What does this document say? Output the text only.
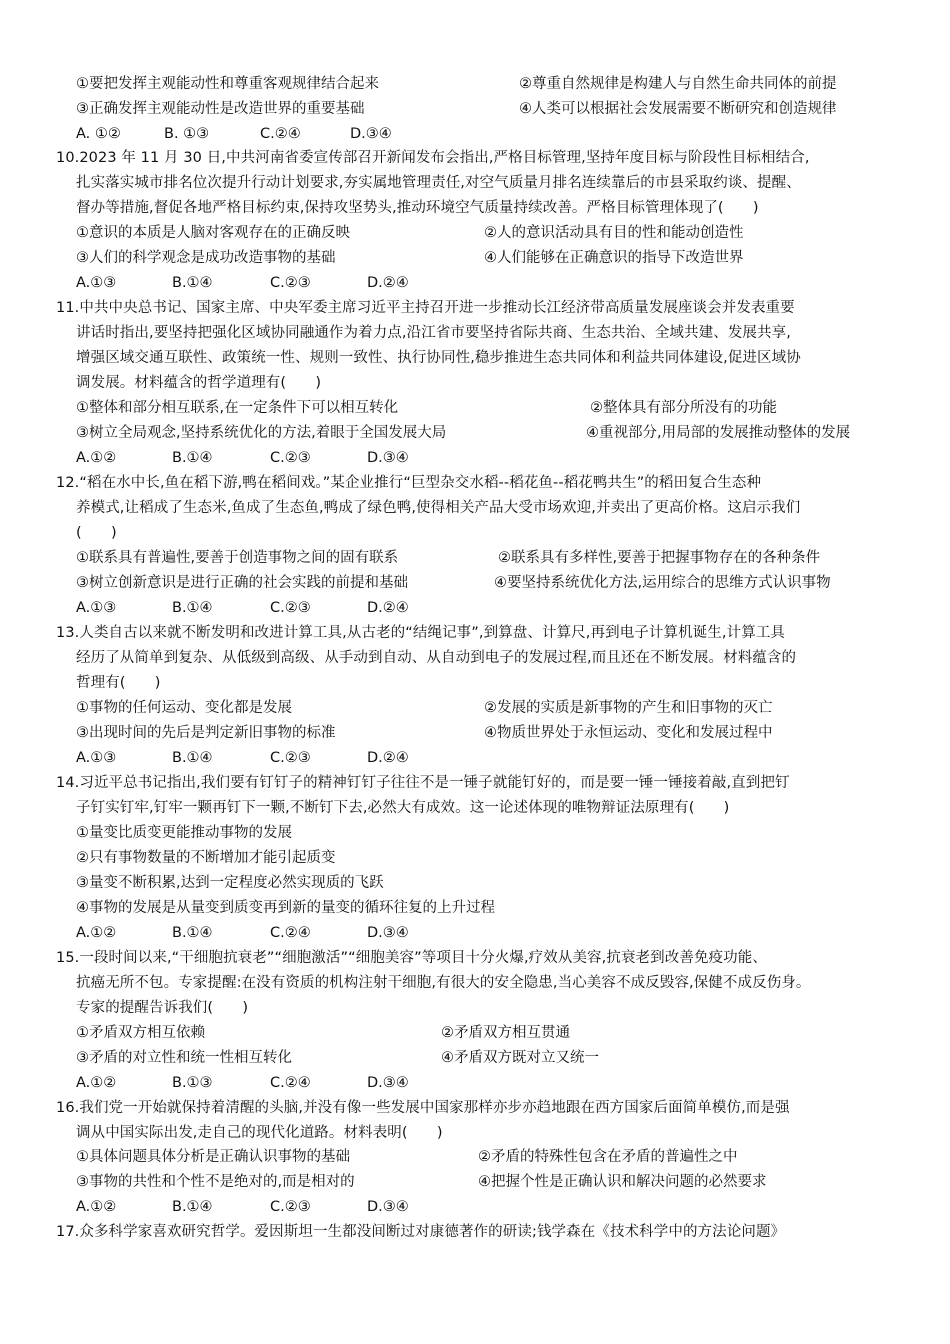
①要把发挥主观能动性和尊重客观规律结合起来	②尊重自然规律是构建人与自然生命共同体的前提
③正确发挥主观能动性是改造世界的重要基础	④人类可以根据社会发展需要不断研究和创造规律
A. ①②	B. ①③	C.②④	D.③④
10.2023 年 11 月 30 日,中共河南省委宣传部召开新闻发布会指出,严格目标管理,坚持年度目标与阶段性目标相结合,
扎实落实城市排名位次提升行动计划要求,夯实属地管理责任,对空气质量月排名连续靠后的市县采取约谈、提醒、
督办等措施,督促各地严格目标约束,保持攻坚势头,推动环境空气质量持续改善。严格目标管理体现了(　　)
①意识的本质是人脑对客观存在的正确反映	②人的意识活动具有目的性和能动创造性
③人们的科学观念是成功改造事物的基础	④人们能够在正确意识的指导下改造世界
A.①③	B.①④	C.②③	D.②④
11.中共中央总书记、国家主席、中央军委主席习近平主持召开进一步推动长江经济带高质量发展座谈会并发表重要
讲话时指出,要坚持把强化区域协同融通作为着力点,沿江省市要坚持省际共商、生态共治、全域共建、发展共享,
增强区域交通互联性、政策统一性、规则一致性、执行协同性,稳步推进生态共同体和利益共同体建设,促进区域协
调发展。材料蕴含的哲学道理有(　　)
①整体和部分相互联系,在一定条件下可以相互转化	②整体具有部分所没有的功能
③树立全局观念,坚持系统优化的方法,着眼于全国发展大局	④重视部分,用局部的发展推动整体的发展
A.①②	B.①④	C.②③	D.③④
12.“稻在水中长,鱼在稻下游,鸭在稻间戏。”某企业推行“巨型杂交水稻--稻花鱼--稻花鸭共生”的稻田复合生态种
养模式,让稻成了生态米,鱼成了生态鱼,鸭成了绿色鸭,使得相关产品大受市场欢迎,并卖出了更高价格。这启示我们
(　　)
①联系具有普遍性,要善于创造事物之间的固有联系	②联系具有多样性,要善于把握事物存在的各种条件
③树立创新意识是进行正确的社会实践的前提和基础	④要坚持系统优化方法,运用综合的思维方式认识事物
A.①③	B.①④	C.②③	D.②④
13.人类自古以来就不断发明和改进计算工具,从古老的“结绳记事”,到算盘、计算尺,再到电子计算机诞生,计算工具
经历了从简单到复杂、从低级到高级、从手动到自动、从自动到电子的发展过程,而且还在不断发展。材料蕴含的
哲理有(　　)
①事物的任何运动、变化都是发展	②发展的实质是新事物的产生和旧事物的灭亡
③出现时间的先后是判定新旧事物的标准	④物质世界处于永恒运动、变化和发展过程中
A.①③	B.①④	C.②③	D.②④
14.习近平总书记指出,我们要有钉钉子的精神钉钉子往往不是一锤子就能钉好的，而是要一锤一锤接着敲,直到把钉
子钉实钉牢,钉牢一颗再钉下一颗,不断钉下去,必然大有成效。这一论述体现的唯物辩证法原理有(　　)
①量变比质变更能推动事物的发展
②只有事物数量的不断增加才能引起质变
③量变不断积累,达到一定程度必然实现质的飞跃
④事物的发展是从量变到质变再到新的量变的循环往复的上升过程
A.①②	B.①④	C.②④	D.③④
15.一段时间以来,“干细胞抗衰老”“细胞激活”“细胞美容”等项目十分火爆,疗效从美容,抗衰老到改善免疫功能、
抗癌无所不包。专家提醒:在没有资质的机构注射干细胞,有很大的安全隐患,当心美容不成反毁容,保健不成反伤身。
专家的提醒告诉我们(　　)
①矛盾双方相互依赖	②矛盾双方相互贯通
③矛盾的对立性和统一性相互转化	④矛盾双方既对立又统一
A.①②	B.①③	C.②④	D.③④
16.我们党一开始就保持着清醒的头脑,并没有像一些发展中国家那样亦步亦趋地跟在西方国家后面简单模仿,而是强
调从中国实际出发,走自己的现代化道路。材料表明(　　)
①具体问题具体分析是正确认识事物的基础	②矛盾的特殊性包含在矛盾的普遍性之中
③事物的共性和个性不是绝对的,而是相对的	④把握个性是正确认识和解决问题的必然要求
A.①②	B.①④	C.②③	D.③④
17.众多科学家喜欢研究哲学。爱因斯坦一生都没间断过对康德著作的研读;钱学森在《技术科学中的方法论问题》
